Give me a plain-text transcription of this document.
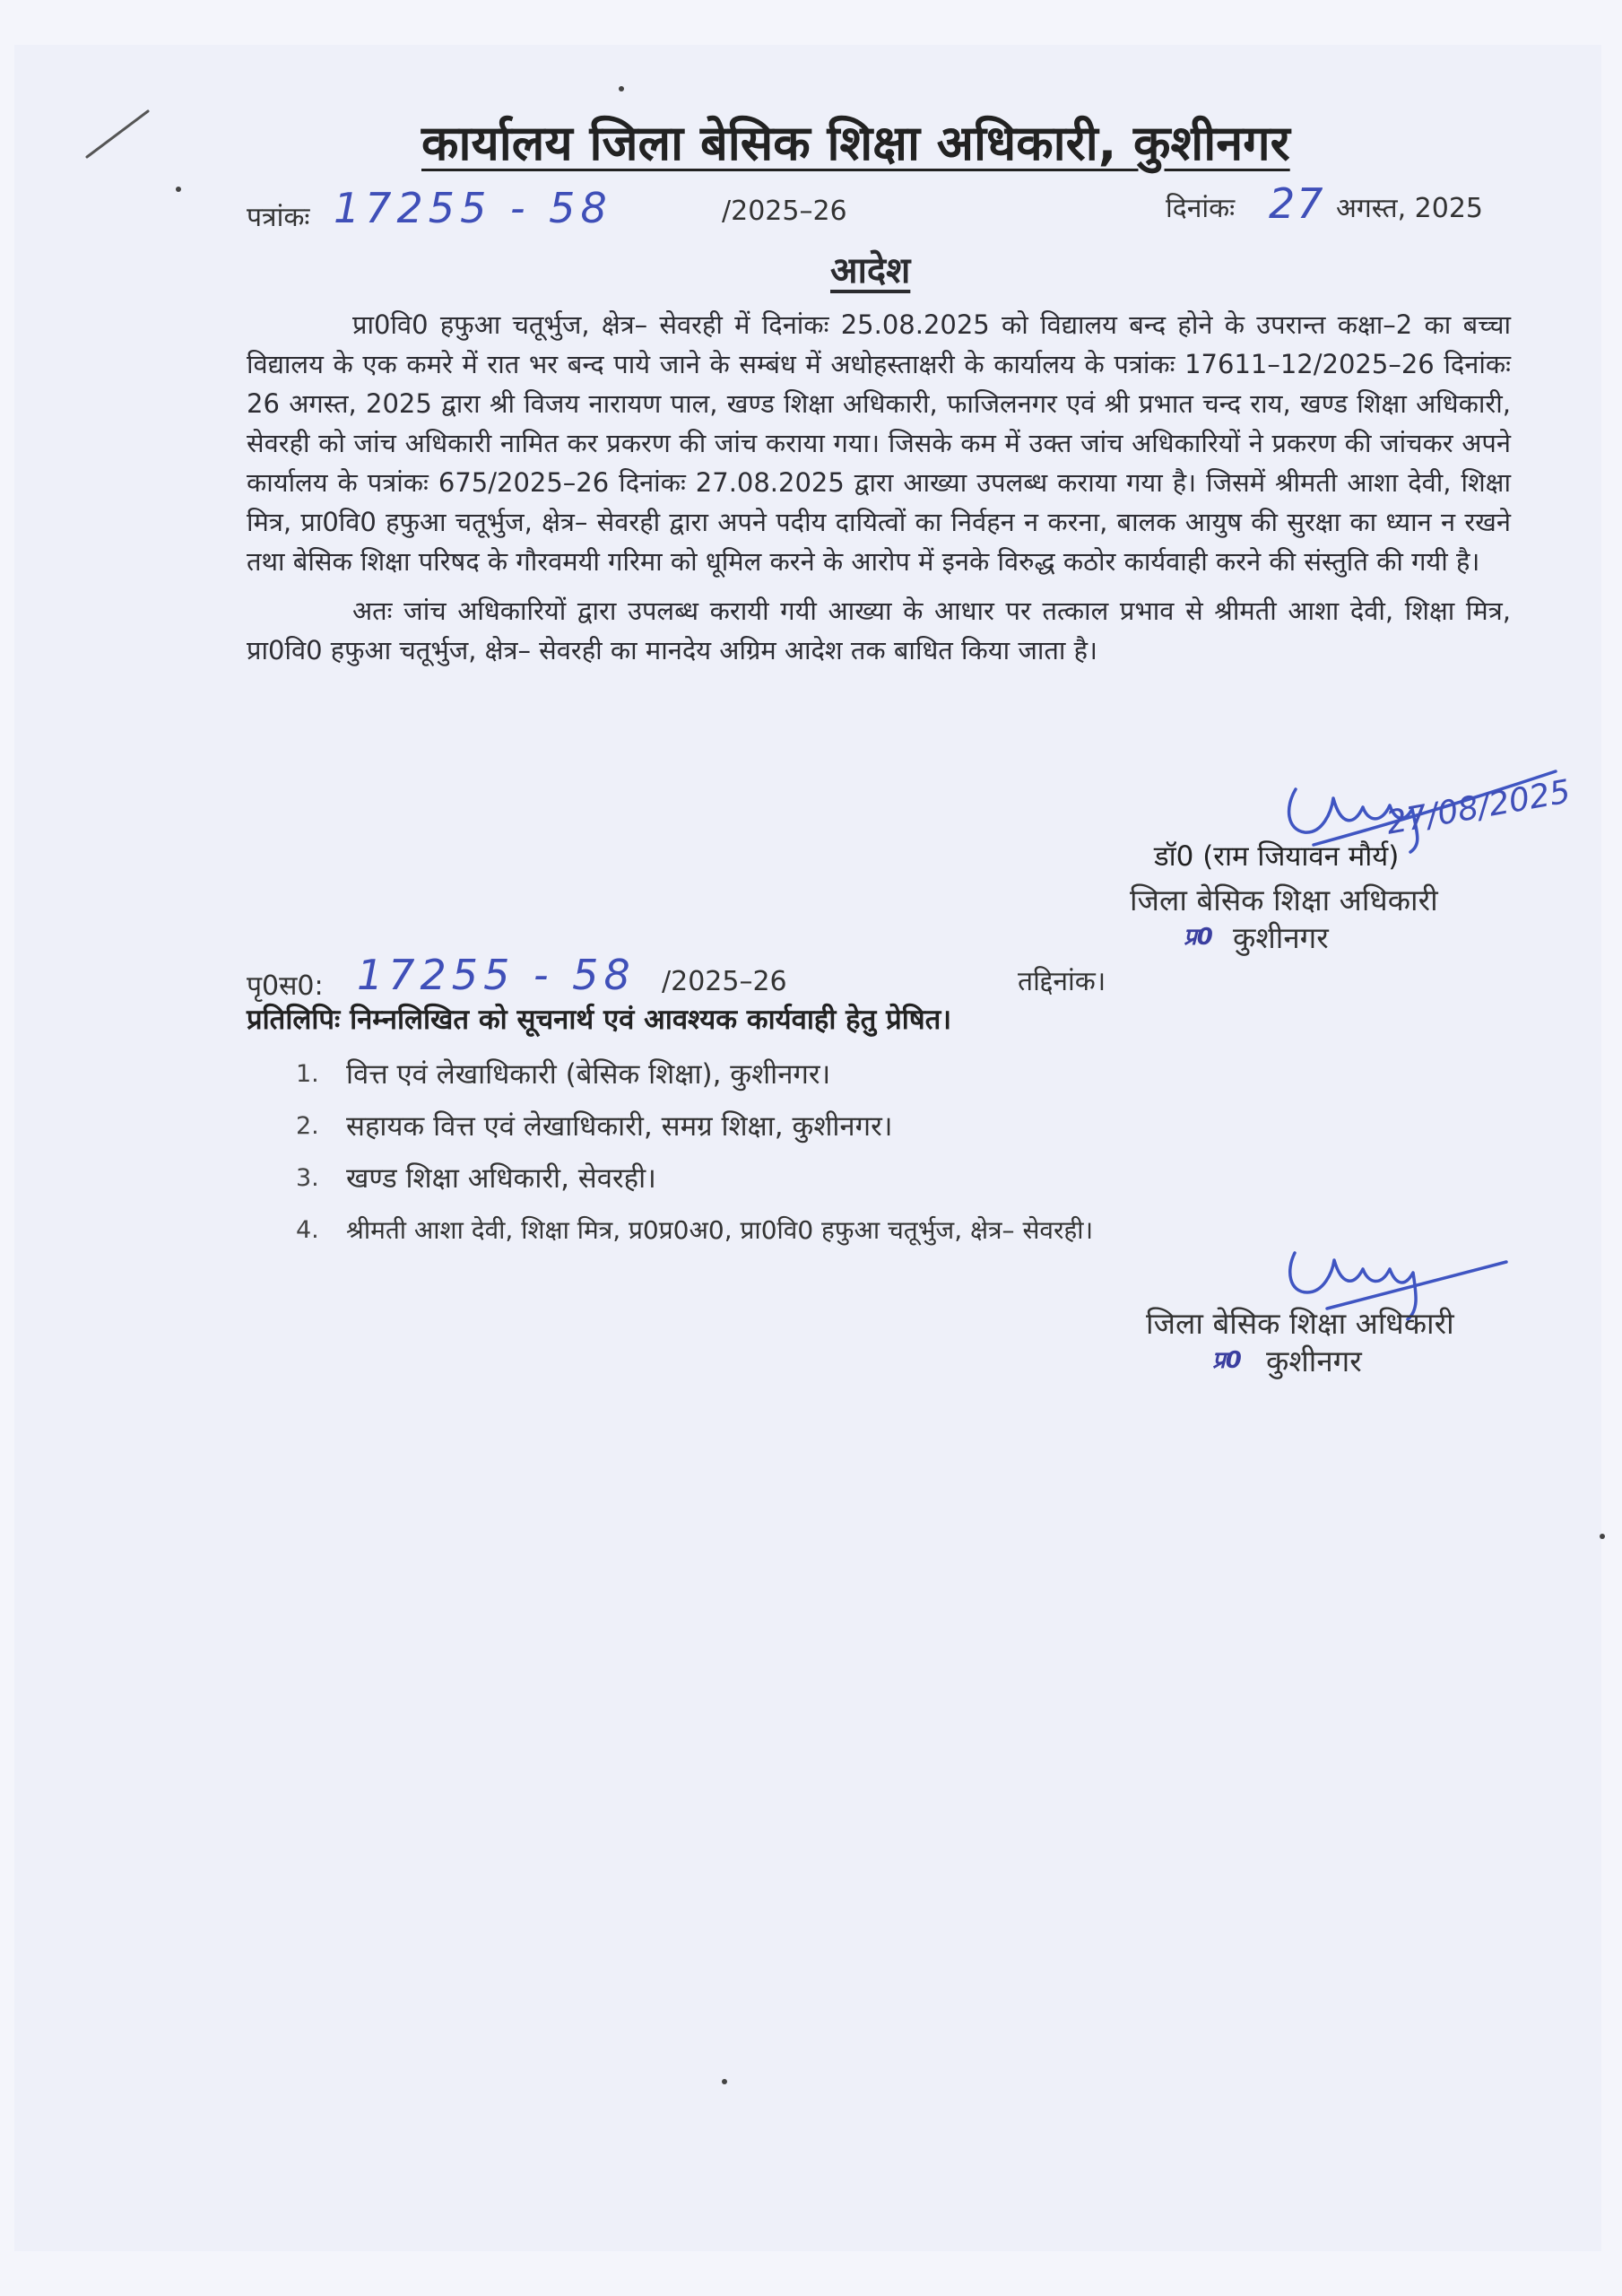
कार्यालय जिला बेसिक शिक्षा अधिकारी, कुशीनगर
पत्रांकः 17255 - 58	/2025–26	दिनांकः 27 अगस्त, 2025
आदेश

प्रा0वि0 हफुआ चतूर्भुज, क्षेत्र– सेवरही में दिनांकः 25.08.2025 को विद्यालय बन्द होने के उपरान्त कक्षा–2 का बच्चा विद्यालय के एक कमरे में रात भर बन्द पाये जाने के सम्बंध में अधोहस्ताक्षरी के कार्यालय के पत्रांकः 17611–12/2025–26 दिनांकः 26 अगस्त, 2025 द्वारा श्री विजय नारायण पाल, खण्ड शिक्षा अधिकारी, फाजिलनगर एवं श्री प्रभात चन्द राय, खण्ड शिक्षा अधिकारी, सेवरही को जांच अधिकारी नामित कर प्रकरण की जांच कराया गया। जिसके कम में उक्त जांच अधिकारियों ने प्रकरण की जांचकर अपने कार्यालय के पत्रांकः 675/2025–26 दिनांकः 27.08.2025 द्वारा आख्या उपलब्ध कराया गया है। जिसमें श्रीमती आशा देवी, शिक्षा मित्र, प्रा0वि0 हफुआ चतूर्भुज, क्षेत्र– सेवरही द्वारा अपने पदीय दायित्वों का निर्वहन न करना, बालक आयुष की सुरक्षा का ध्यान न रखने तथा बेसिक शिक्षा परिषद के गौरवमयी गरिमा को धूमिल करने के आरोप में इनके विरुद्ध कठोर कार्यवाही करने की संस्तुति की गयी है।

अतः जांच अधिकारियों द्वारा उपलब्ध करायी गयी आख्या के आधार पर तत्काल प्रभाव से श्रीमती आशा देवी, शिक्षा मित्र, प्रा0वि0 हफुआ चतूर्भुज, क्षेत्र– सेवरही का मानदेय अग्रिम आदेश तक बाधित किया जाता है।

27/08/2025
डॉ0 (राम जियावन मौर्य)
जिला बेसिक शिक्षा अधिकारी
प्र0 कुशीनगर
पृ0स0: 17255 - 58 /2025–26	तद्दिनांक।
प्रतिलिपिः निम्नलिखित को सूचनार्थ एवं आवश्यक कार्यवाही हेतु प्रेषित।
1. वित्त एवं लेखाधिकारी (बेसिक शिक्षा), कुशीनगर।
2. सहायक वित्त एवं लेखाधिकारी, समग्र शिक्षा, कुशीनगर।
3. खण्ड शिक्षा अधिकारी, सेवरही।
4.	श्रीमती आशा देवी, शिक्षा मित्र, प्र0प्र0अ0, प्रा0वि0 हफुआ चतूर्भुज, क्षेत्र– सेवरही।
जिला बेसिक शिक्षा अधिकारी
प्र0 कुशीनगर
